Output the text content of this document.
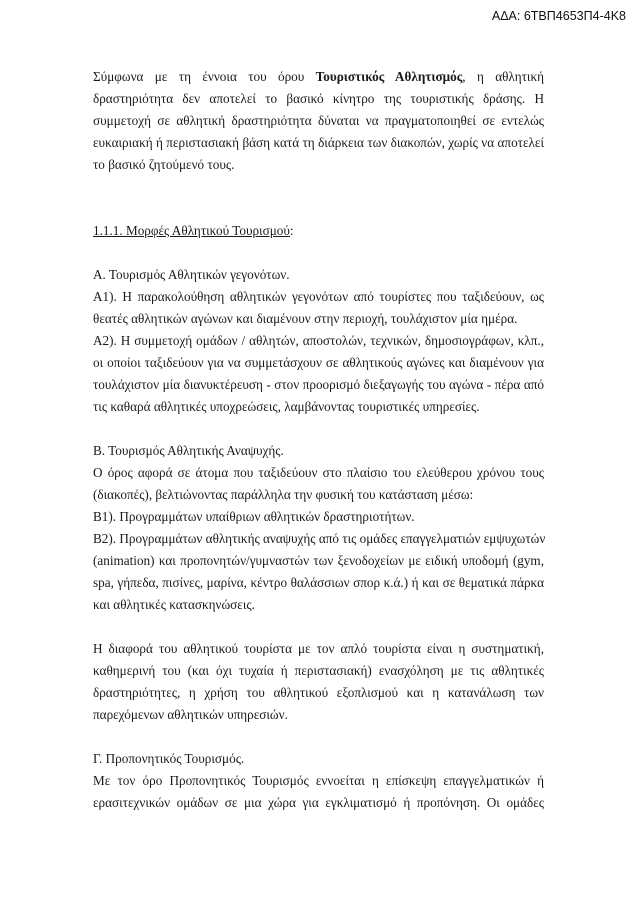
ΑΔΑ: 6ΤΒΠ4653Π4-4Κ8

Σύμφωνα με τη έννοια του όρου Τουριστικός Αθλητισμός, η αθλητική

δραστηριότητα δεν αποτελεί το βασικό κίνητρο της τουριστικής δράσης. Η

συμμετοχή σε αθλητική δραστηριότητα δύναται να πραγματοποιηθεί σε εντελώς

ευκαιριακή ή περιστασιακή βάση κατά τη διάρκεια των διακοπών, χωρίς να αποτελεί

το βασικό ζητούμενό τους.

1.1.1. Μορφές Αθλητικού Τουρισμού:

Α. Τουρισμός Αθλητικών γεγονότων.

Α1). Η παρακολούθηση αθλητικών γεγονότων από τουρίστες που ταξιδεύουν, ως

θεατές αθλητικών αγώνων και διαμένουν στην περιοχή, τουλάχιστον μία ημέρα.

Α2). Η συμμετοχή ομάδων / αθλητών, αποστολών, τεχνικών, δημοσιογράφων, κλπ.,

οι οποίοι ταξιδεύουν για να συμμετάσχουν σε αθλητικούς αγώνες και διαμένουν για

τουλάχιστον μία διανυκτέρευση - στον προορισμό διεξαγωγής του αγώνα - πέρα από

τις καθαρά αθλητικές υποχρεώσεις, λαμβάνοντας τουριστικές υπηρεσίες.

Β. Τουρισμός Αθλητικής Αναψυχής.

Ο όρος αφορά σε άτομα που ταξιδεύουν στο πλαίσιο του ελεύθερου χρόνου τους

(διακοπές), βελτιώνοντας παράλληλα την φυσική του κατάσταση μέσω:

Β1). Προγραμμάτων υπαίθριων αθλητικών δραστηριοτήτων.

Β2). Προγραμμάτων αθλητικής αναψυχής από τις ομάδες επαγγελματιών εμψυχωτών

(animation) και προπονητών/γυμναστών των ξενοδοχείων με ειδική υποδομή (gym,

spa, γήπεδα, πισίνες, μαρίνα, κέντρο θαλάσσιων σπορ κ.ά.) ή και σε θεματικά πάρκα

και αθλητικές κατασκηνώσεις.

Η διαφορά του αθλητικού τουρίστα με τον απλό τουρίστα είναι η συστηματική,

καθημερινή του (και όχι τυχαία ή περιστασιακή) ενασχόληση με τις αθλητικές

δραστηριότητες, η χρήση του αθλητικού εξοπλισμού και η κατανάλωση των

παρεχόμενων αθλητικών υπηρεσιών.

Γ. Προπονητικός Τουρισμός.

Με τον όρο Προπονητικός Τουρισμός εννοείται η επίσκεψη επαγγελματικών ή

ερασιτεχνικών ομάδων σε μια χώρα για εγκλιματισμό ή προπόνηση. Οι ομάδες
